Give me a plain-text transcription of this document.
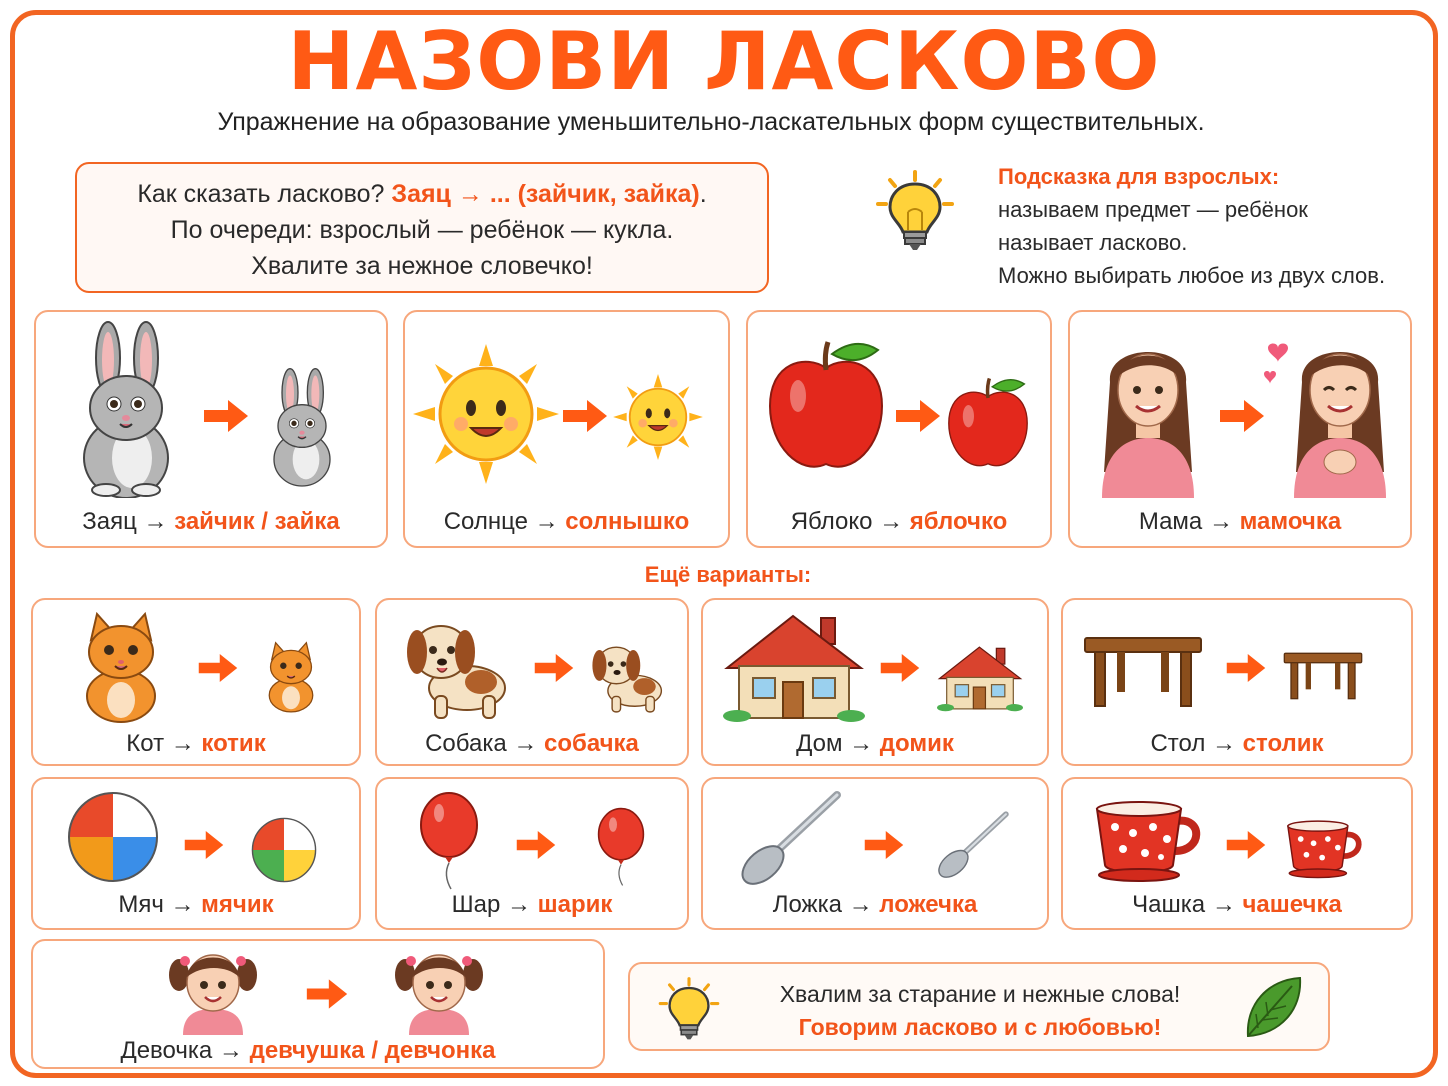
НАЗОВИ ЛАСКОВО
Упражнение на образование уменьшительно-ласкательных форм существительных.
Как сказать ласково? Заяц → ... (зайчик, зайка).
По очереди: взрослый — ребёнок — кукла.
Хвалите за нежное словечко!
Подсказка для взрослых:
называем предмет — ребёнок
называет ласково.
Можно выбирать любое из двух слов.
Заяц → зайчик / зайка	Солнце → солнышко	Яблоко → яблочко	Мама → мамочка
Ещё варианты:
Кот → котик	Собака → собачка	Дом → домик	Стол → столик
Мяч → мячик	Шар → шарик	Ложка → ложечка	Чашка → чашечка
Девочка → девчушка / девчонка
Хвалим за старание и нежные слова!
Говорим ласково и с любовью!
